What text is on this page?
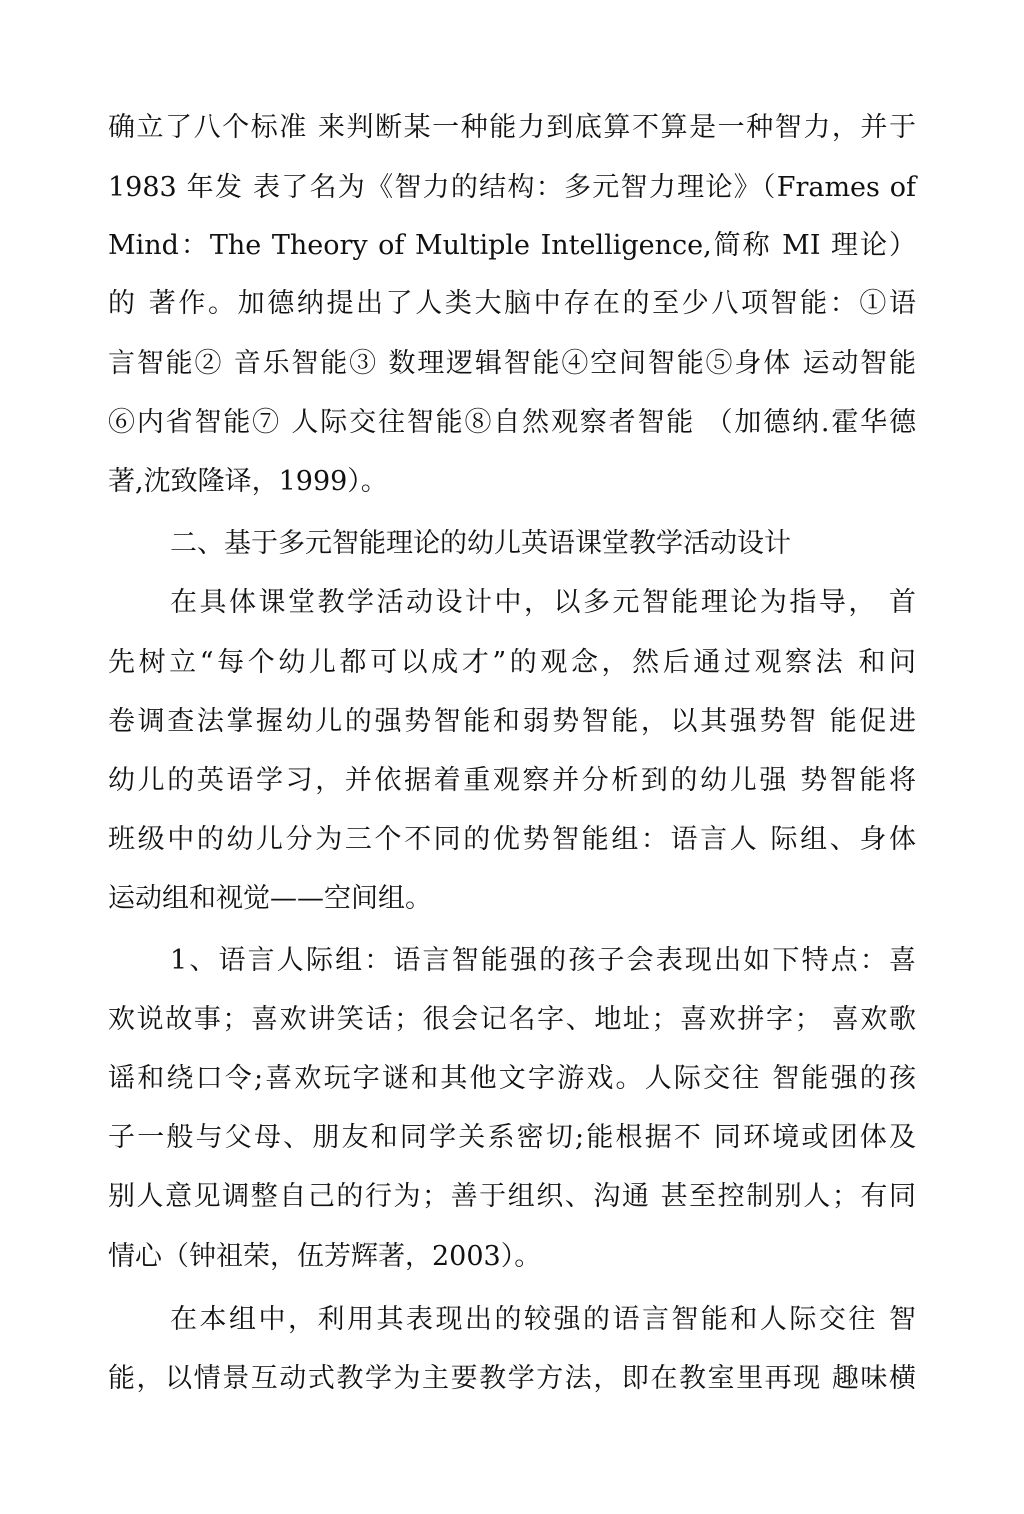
确立了八个标准 来判断某一种能力到底算不算是一种智力，并于
1983 年发 表了名为《智力的结构：多元智力理论》（Frames of
Mind：The Theory of Multiple Intelligence,简称 MI 理论）
的 著作。加德纳提出了人类大脑中存在的至少八项智能：①语
言智能② 音乐智能③ 数理逻辑智能④空间智能⑤身体 运动智能
⑥内省智能⑦ 人际交往智能⑧自然观察者智能 （加德纳.霍华德
著,沈致隆译，1999）。
二、基于多元智能理论的幼儿英语课堂教学活动设计
在具体课堂教学活动设计中，以多元智能理论为指导， 首
先树立“每个幼儿都可以成才”的观念，然后通过观察法 和问
卷调查法掌握幼儿的强势智能和弱势智能，以其强势智 能促进
幼儿的英语学习，并依据着重观察并分析到的幼儿强 势智能将
班级中的幼儿分为三个不同的优势智能组：语言人 际组、身体
运动组和视觉——空间组。
1、语言人际组：语言智能强的孩子会表现出如下特点：喜
欢说故事；喜欢讲笑话；很会记名字、地址；喜欢拼字； 喜欢歌
谣和绕口令;喜欢玩字谜和其他文字游戏。人际交往 智能强的孩
子一般与父母、朋友和同学关系密切;能根据不 同环境或团体及
别人意见调整自己的行为；善于组织、沟通 甚至控制别人；有同
情心（钟祖荣，伍芳辉著，2003）。
在本组中，利用其表现出的较强的语言智能和人际交往 智
能，以情景互动式教学为主要教学方法，即在教室里再现 趣味横
